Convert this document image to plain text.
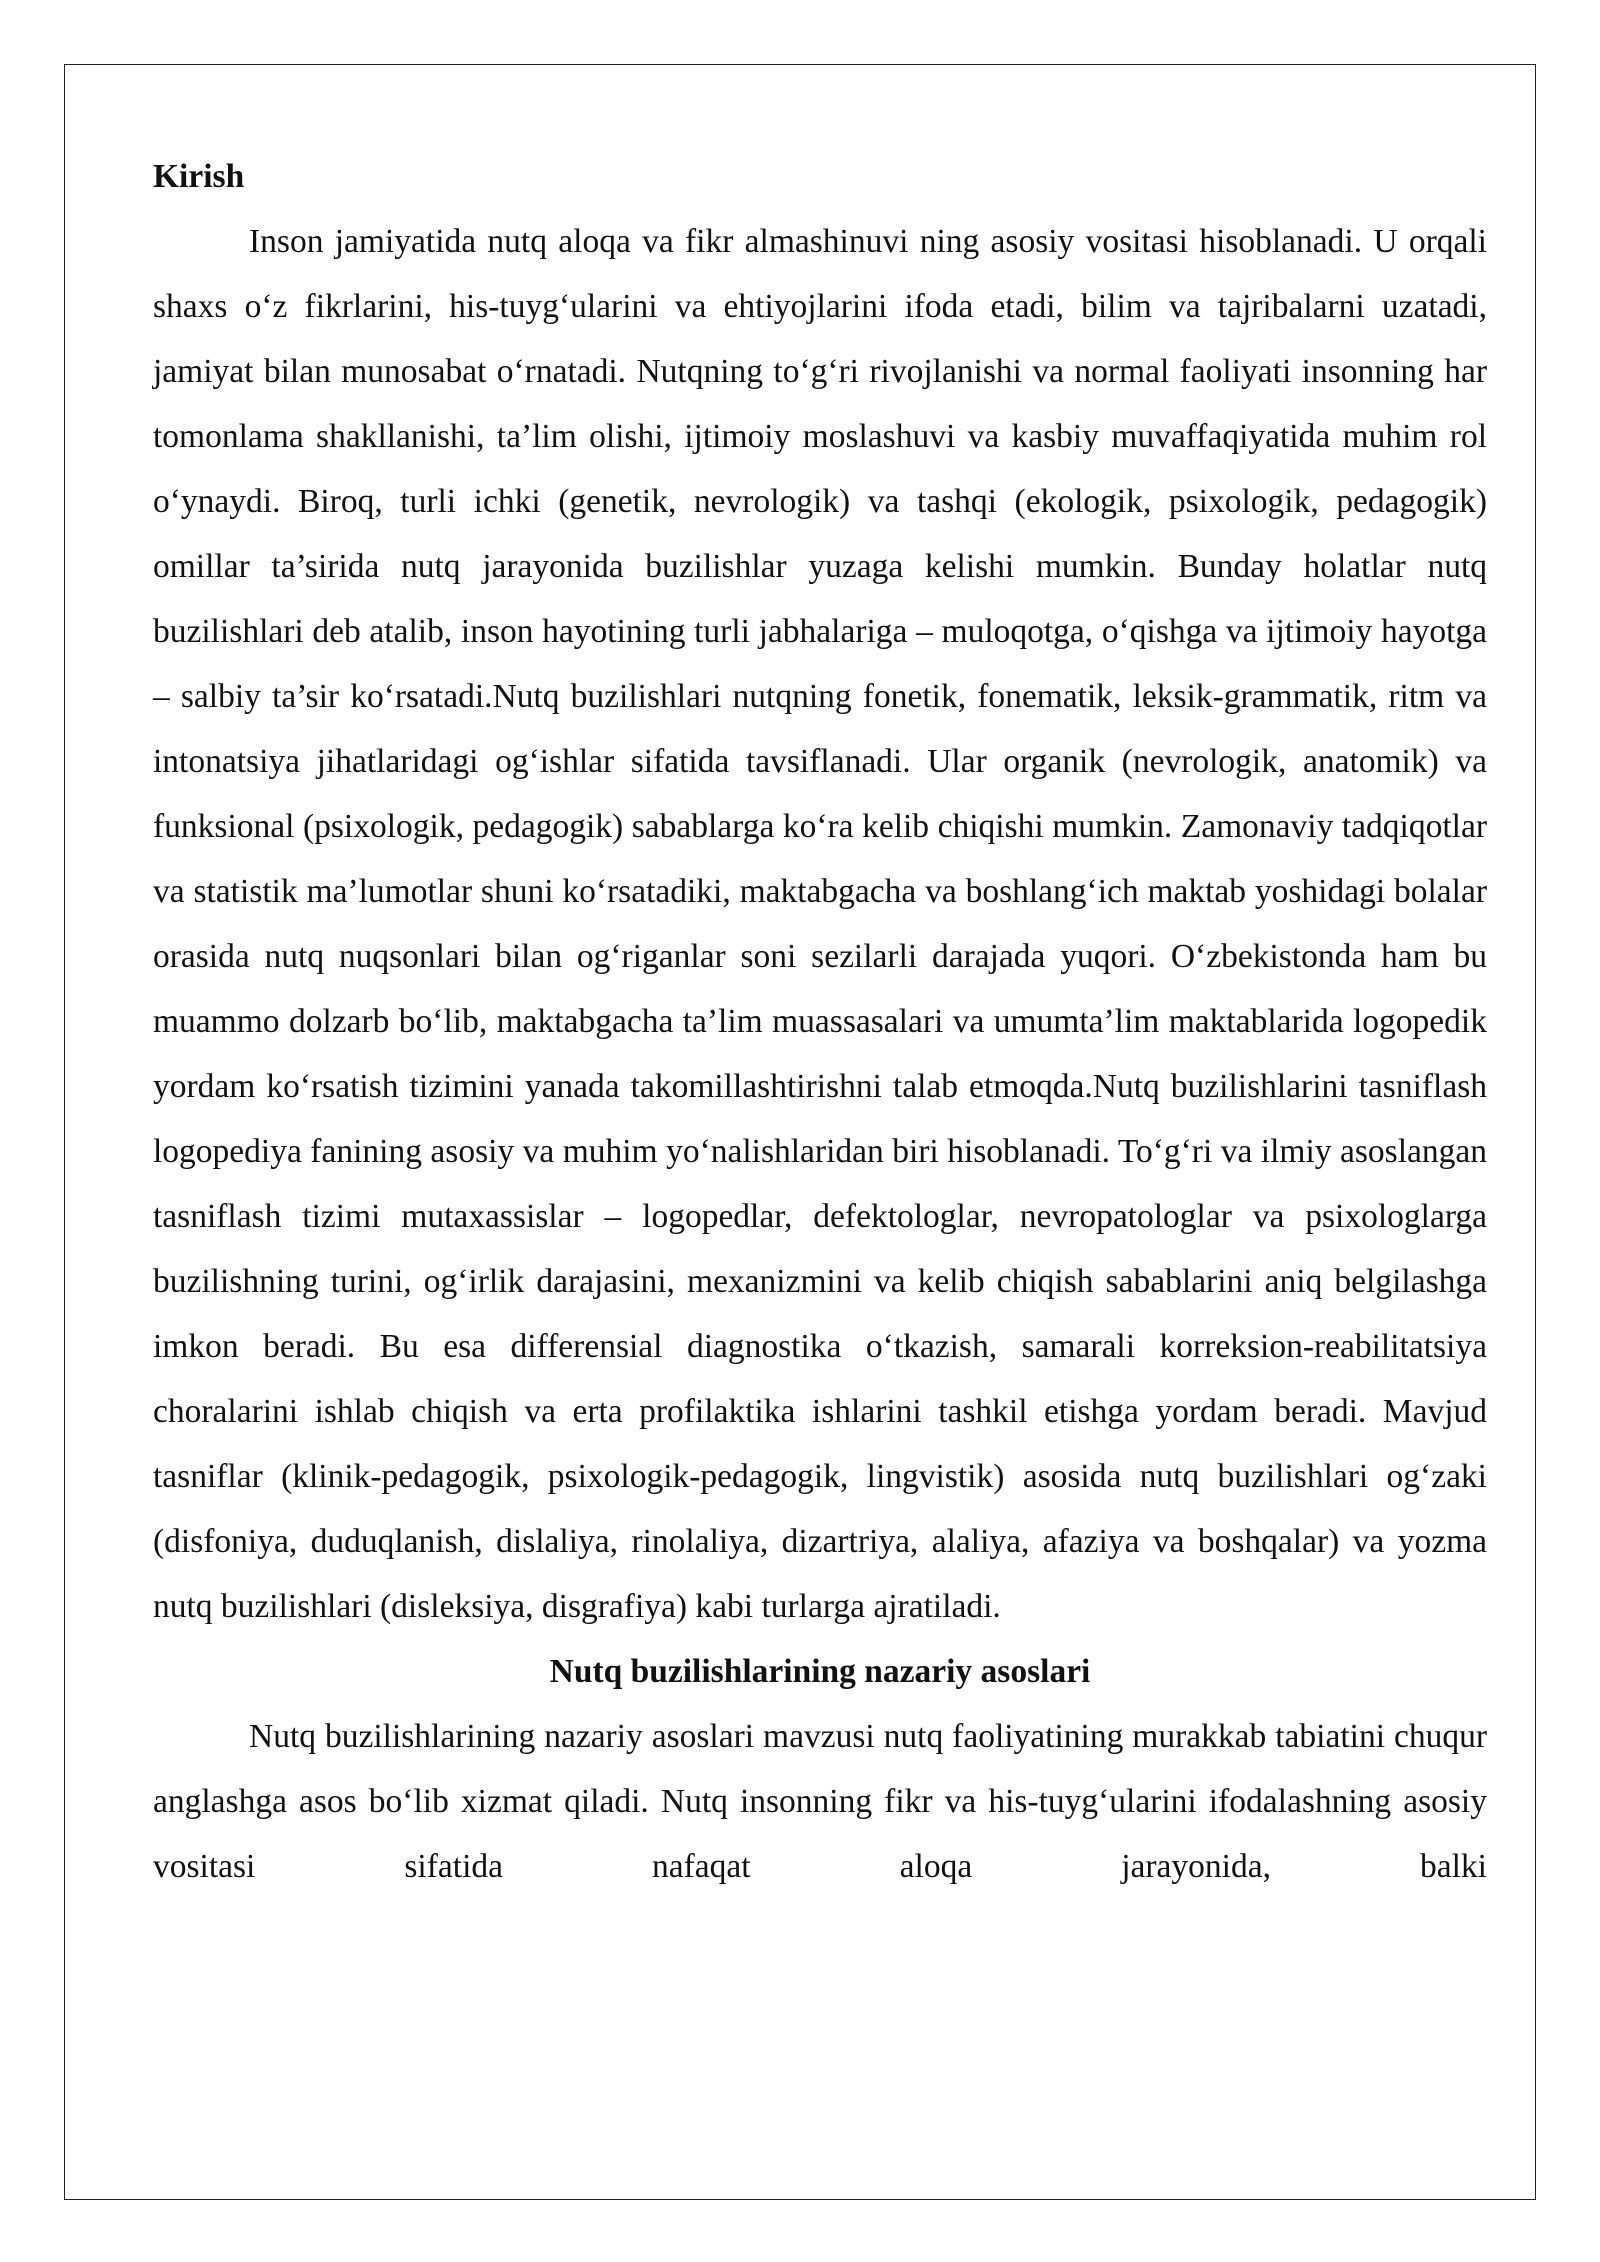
Kirish

Inson jamiyatida nutq aloqa va fikr almashinuvi ning asosiy vositasi hisoblanadi. U orqali shaxs o‘z fikrlarini, his-tuyg‘ularini va ehtiyojlarini ifoda etadi, bilim va tajribalarni uzatadi, jamiyat bilan munosabat o‘rnatadi. Nutqning to‘g‘ri rivojlanishi va normal faoliyati insonning har tomonlama shakllanishi, ta’lim olishi, ijtimoiy moslashuvi va kasbiy muvaffaqiyatida muhim rol o‘ynaydi. Biroq, turli ichki (genetik, nevrologik) va tashqi (ekologik, psixologik, pedagogik) omillar ta’sirida nutq jarayonida buzilishlar yuzaga kelishi mumkin. Bunday holatlar nutq buzilishlari deb atalib, inson hayotining turli jabhalariga – muloqotga, o‘qishga va ijtimoiy hayotga – salbiy ta’sir ko‘rsatadi.Nutq buzilishlari nutqning fonetik, fonematik, leksik-grammatik, ritm va intonatsiya jihatlaridagi og‘ishlar sifatida tavsiflanadi. Ular organik (nevrologik, anatomik) va funksional (psixologik, pedagogik) sabablarga ko‘ra kelib chiqishi mumkin. Zamonaviy tadqiqotlar va statistik ma’lumotlar shuni ko‘rsatadiki, maktabgacha va boshlang‘ich maktab yoshidagi bolalar orasida nutq nuqsonlari bilan og‘riganlar soni sezilarli darajada yuqori. O‘zbekistonda ham bu muammo dolzarb bo‘lib, maktabgacha ta’lim muassasalari va umumta’lim maktablarida logopedik yordam ko‘rsatish tizimini yanada takomillashtirishni talab etmoqda.Nutq buzilishlarini tasniflash logopediya fanining asosiy va muhim yo‘nalishlaridan biri hisoblanadi. To‘g‘ri va ilmiy asoslangan tasniflash tizimi mutaxassislar – logopedlar, defektologlar, nevropatologlar va psixologlarga buzilishning turini, og‘irlik darajasini, mexanizmini va kelib chiqish sabablarini aniq belgilashga imkon beradi. Bu esa differensial diagnostika o‘tkazish, samarali korreksion-reabilitatsiya choralarini ishlab chiqish va erta profilaktika ishlarini tashkil etishga yordam beradi. Mavjud tasniflar (klinik-pedagogik, psixologik-pedagogik, lingvistik) asosida nutq buzilishlari og‘zaki (disfoniya, duduqlanish, dislaliya, rinolaliya, dizartriya, alaliya, afaziya va boshqalar) va yozma nutq buzilishlari (disleksiya, disgrafiya) kabi turlarga ajratiladi.

Nutq buzilishlarining nazariy asoslari

Nutq buzilishlarining nazariy asoslari mavzusi nutq faoliyatining murakkab tabiatini chuqur anglashga asos bo‘lib xizmat qiladi. Nutq insonning fikr va his-tuyg‘ularini ifodalashning asosiy vositasi sifatida nafaqat aloqa jarayonida, balki
